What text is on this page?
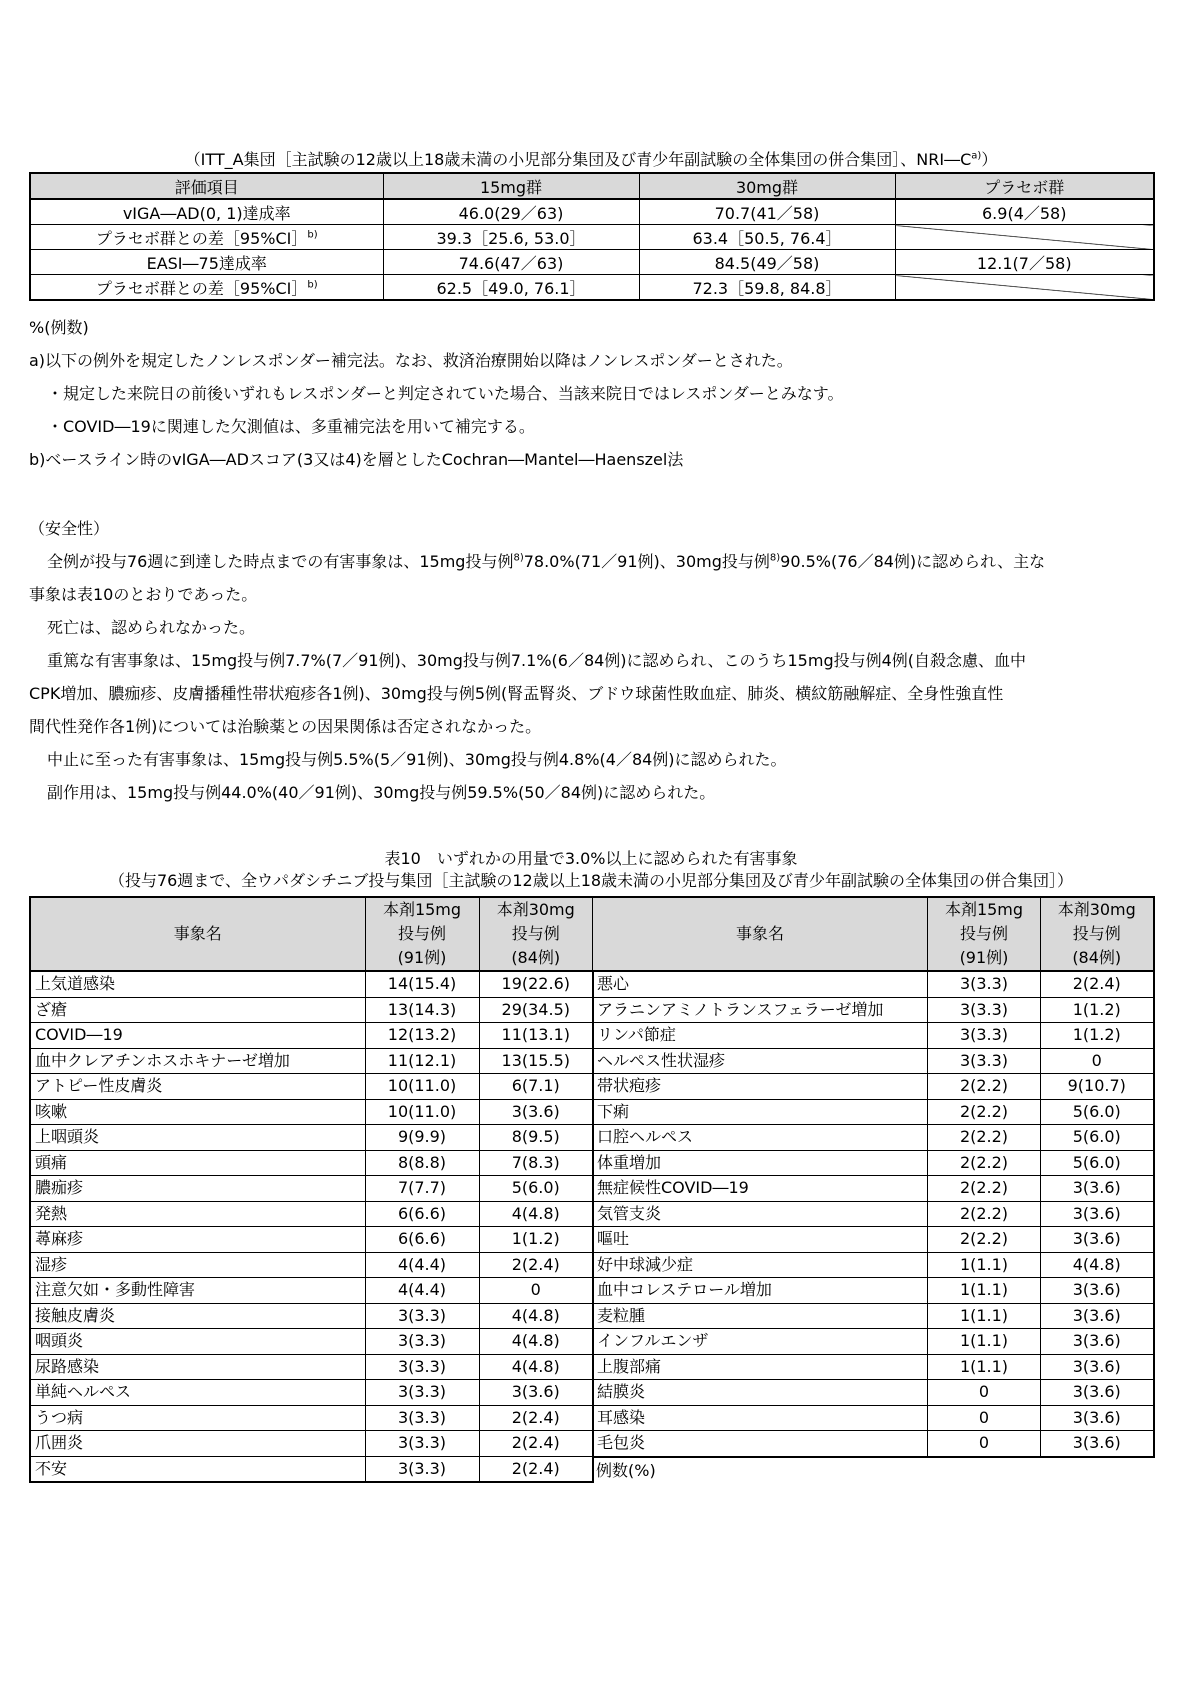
（ITT_A集団［主試験の12歳以上18歳未満の小児部分集団及び青少年副試験の全体集団の併合集団］、$NRI―C^{a)}$）
評価項目	15mg群	30mg群	プラセボ群
vIGA―AD(0, 1)達成率	46.0(29／63)	70.7(41／58)	6.9(4／58)
プラセボ群との差［95%CI］$^{b)}$	39.3［25.6, 53.0］	63.4［50.5, 76.4］	
EASI―75達成率	74.6(47／63)	84.5(49／58)	12.1(7／58)
プラセボ群との差［95%CI］$^{b)}$	62.5［49.0, 76.1］	72.3［59.8, 84.8］	
%(例数)
a)以下の例外を規定したノンレスポンダー補完法。なお、救済治療開始以降はノンレスポンダーとされた。
・規定した来院日の前後いずれもレスポンダーと判定されていた場合、当該来院日ではレスポンダーとみなす。
・COVID―19に関連した欠測値は、多重補完法を用いて補完する。
b)ベースライン時のvIGA―ADスコア(3又は4)を層としたCochran―Mantel―Haenszel法
（安全性）
全例が投与76週に到達した時点までの有害事象は、15mg投与例$^{8)}$78.0%(71／91例)、30mg投与例$^{8)}$90.5%(76／84例)に認められ、主な
事象は表10のとおりであった。
死亡は、認められなかった。
重篤な有害事象は、15mg投与例7.7%(7／91例)、30mg投与例7.1%(6／84例)に認められ、このうち15mg投与例4例(自殺念慮、血中
CPK増加、膿痂疹、皮膚播種性帯状疱疹各1例)、30mg投与例5例(腎盂腎炎、ブドウ球菌性敗血症、肺炎、横紋筋融解症、全身性強直性
間代性発作各1例)については治験薬との因果関係は否定されなかった。
中止に至った有害事象は、15mg投与例5.5%(5／91例)、30mg投与例4.8%(4／84例)に認められた。
副作用は、15mg投与例44.0%(40／91例)、30mg投与例59.5%(50／84例)に認められた。
表10　いずれかの用量で3.0%以上に認められた有害事象
（投与76週まで、全ウパダシチニブ投与集団［主試験の12歳以上18歳未満の小児部分集団及び青少年副試験の全体集団の併合集団］）
事象名	本剤15mg
投与例
(91例)	本剤30mg
投与例
(84例)
上気道感染	14(15.4)	19(22.6)
ざ瘡	13(14.3)	29(34.5)
COVID―19	12(13.2)	11(13.1)
血中クレアチンホスホキナーゼ増加	11(12.1)	13(15.5)
アトピー性皮膚炎	10(11.0)	6(7.1)
咳嗽	10(11.0)	3(3.6)
上咽頭炎	9(9.9)	8(9.5)
頭痛	8(8.8)	7(8.3)
膿痂疹	7(7.7)	5(6.0)
発熱	6(6.6)	4(4.8)
蕁麻疹	6(6.6)	1(1.2)
湿疹	4(4.4)	2(2.4)
注意欠如・多動性障害	4(4.4)	0
接触皮膚炎	3(3.3)	4(4.8)
咽頭炎	3(3.3)	4(4.8)
尿路感染	3(3.3)	4(4.8)
単純ヘルペス	3(3.3)	3(3.6)
うつ病	3(3.3)	2(2.4)
爪囲炎	3(3.3)	2(2.4)
不安	3(3.3)	2(2.4)
事象名	本剤15mg
投与例
(91例)	本剤30mg
投与例
(84例)
悪心	3(3.3)	2(2.4)
アラニンアミノトランスフェラーゼ増加	3(3.3)	1(1.2)
リンパ節症	3(3.3)	1(1.2)
ヘルペス性状湿疹	3(3.3)	0
帯状疱疹	2(2.2)	9(10.7)
下痢	2(2.2)	5(6.0)
口腔ヘルペス	2(2.2)	5(6.0)
体重増加	2(2.2)	5(6.0)
無症候性COVID―19	2(2.2)	3(3.6)
気管支炎	2(2.2)	3(3.6)
嘔吐	2(2.2)	3(3.6)
好中球減少症	1(1.1)	4(4.8)
血中コレステロール増加	1(1.1)	3(3.6)
麦粒腫	1(1.1)	3(3.6)
インフルエンザ	1(1.1)	3(3.6)
上腹部痛	1(1.1)	3(3.6)
結膜炎	0	3(3.6)
耳感染	0	3(3.6)
毛包炎	0	3(3.6)
例数(%)
